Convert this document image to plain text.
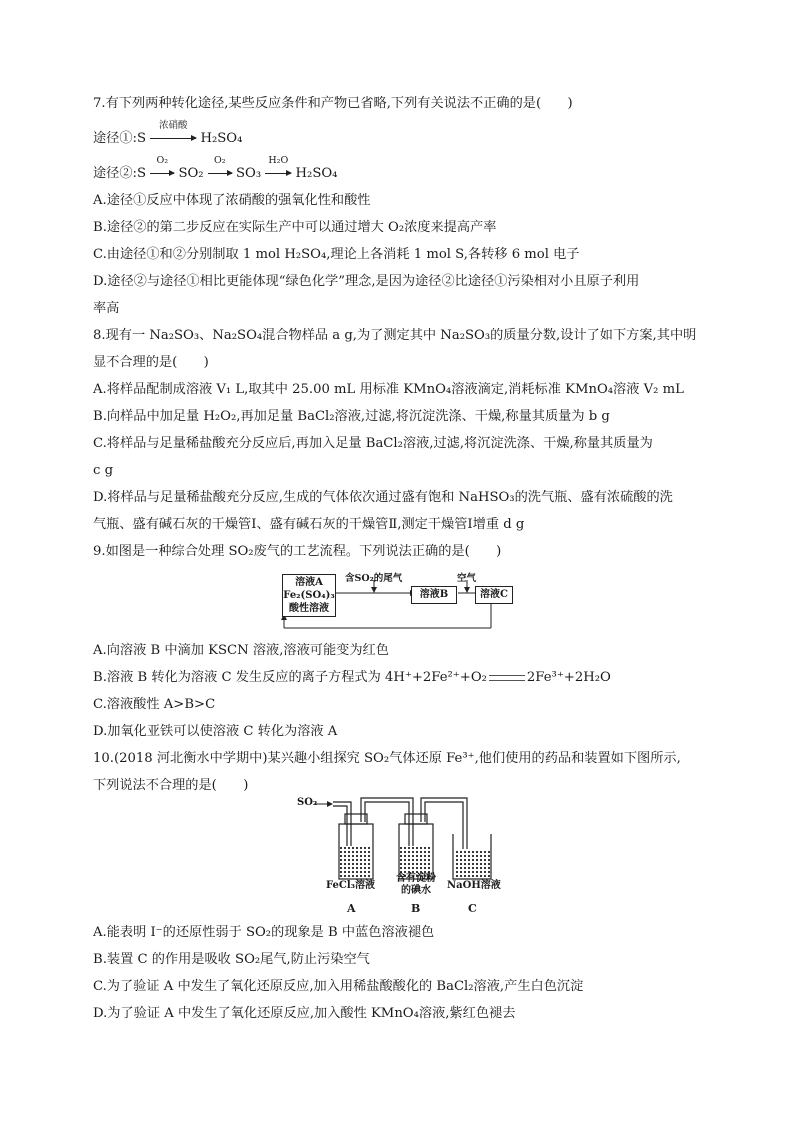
7.有下列两种转化途径,某些反应条件和产物已省略,下列有关说法不正确的是(　　)
途径①:S
浓硝酸
H₂SO₄
途径②:S
O₂
SO₂
O₂
SO₃
H₂O
H₂SO₄
A.途径①反应中体现了浓硝酸的强氧化性和酸性
B.途径②的第二步反应在实际生产中可以通过增大 O₂浓度来提高产率
C.由途径①和②分别制取 1 mol H₂SO₄,理论上各消耗 1 mol S,各转移 6 mol 电子
D.途径②与途径①相比更能体现“绿色化学”理念,是因为途径②比途径①污染相对小且原子利用
率高
8.现有一 Na₂SO₃、Na₂SO₄混合物样品 a g,为了测定其中 Na₂SO₃的质量分数,设计了如下方案,其中明
显不合理的是(　　)
A.将样品配制成溶液 V₁ L,取其中 25.00 mL 用标准 KMnO₄溶液滴定,消耗标准 KMnO₄溶液 V₂ mL
B.向样品中加足量 H₂O₂,再加足量 BaCl₂溶液,过滤,将沉淀洗涤、干燥,称量其质量为 b g
C.将样品与足量稀盐酸充分反应后,再加入足量 BaCl₂溶液,过滤,将沉淀洗涤、干燥,称量其质量为
c g
D.将样品与足量稀盐酸充分反应,生成的气体依次通过盛有饱和 NaHSO₃的洗气瓶、盛有浓硫酸的洗
气瓶、盛有碱石灰的干燥管Ⅰ、盛有碱石灰的干燥管Ⅱ,测定干燥管Ⅰ增重 d g
9.如图是一种综合处理 SO₂废气的工艺流程。下列说法正确的是(　　)
溶液A
Fe₂(SO₄)₃
酸性溶液
含SO₂的尾气
溶液B
空气
溶液C
A.向溶液 B 中滴加 KSCN 溶液,溶液可能变为红色
B.溶液 B 转化为溶液 C 发生反应的离子方程式为 4H⁺+2Fe²⁺+O₂	2Fe³⁺+2H₂O
C.溶液酸性 A>B>C
D.加氧化亚铁可以使溶液 C 转化为溶液 A
10.(2018 河北衡水中学期中)某兴趣小组探究 SO₂气体还原 Fe³⁺,他们使用的药品和装置如下图所示,
下列说法不合理的是(　　)
SO₂
FeCl₃溶液
含有淀粉
的碘水	NaOH溶液
A	B	C
A.能表明 I⁻的还原性弱于 SO₂的现象是 B 中蓝色溶液褪色
B.装置 C 的作用是吸收 SO₂尾气,防止污染空气
C.为了验证 A 中发生了氧化还原反应,加入用稀盐酸酸化的 BaCl₂溶液,产生白色沉淀
D.为了验证 A 中发生了氧化还原反应,加入酸性 KMnO₄溶液,紫红色褪去
